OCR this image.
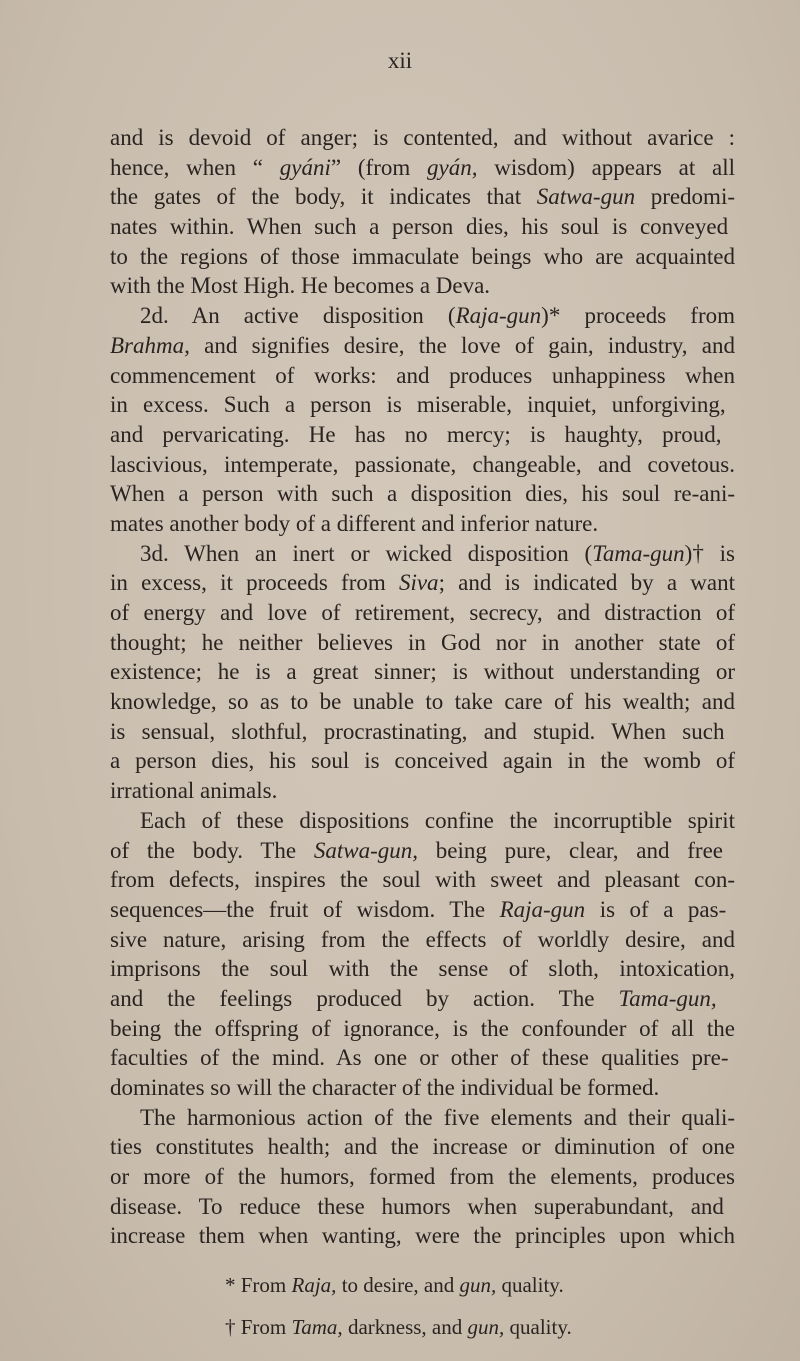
xii
and is devoid of anger; is contented, and without avarice :
hence, when “ gyáni” (from gyán, wisdom) appears at all
the gates of the body, it indicates that Satwa-gun predomi-
nates within. When such a person dies, his soul is conveyed
to the regions of those immaculate beings who are acquainted
with the Most High. He becomes a Deva.
2d. An active disposition (Raja-gun)* proceeds from
Brahma, and signifies desire, the love of gain, industry, and
commencement of works: and produces unhappiness when
in excess. Such a person is miserable, inquiet, unforgiving,
and pervaricating. He has no mercy; is haughty, proud,
lascivious, intemperate, passionate, changeable, and covetous.
When a person with such a disposition dies, his soul re-ani-
mates another body of a different and inferior nature.
3d. When an inert or wicked disposition (Tama-gun)† is
in excess, it proceeds from Siva; and is indicated by a want
of energy and love of retirement, secrecy, and distraction of
thought; he neither believes in God nor in another state of
existence; he is a great sinner; is without understanding or
knowledge, so as to be unable to take care of his wealth; and
is sensual, slothful, procrastinating, and stupid. When such
a person dies, his soul is conceived again in the womb of
irrational animals.
Each of these dispositions confine the incorruptible spirit
of the body. The Satwa-gun, being pure, clear, and free
from defects, inspires the soul with sweet and pleasant con-
sequences—the fruit of wisdom. The Raja-gun is of a pas-
sive nature, arising from the effects of worldly desire, and
imprisons the soul with the sense of sloth, intoxication,
and the feelings produced by action. The Tama-gun,
being the offspring of ignorance, is the confounder of all the
faculties of the mind. As one or other of these qualities pre-
dominates so will the character of the individual be formed.
The harmonious action of the five elements and their quali-
ties constitutes health; and the increase or diminution of one
or more of the humors, formed from the elements, produces
disease. To reduce these humors when superabundant, and
increase them when wanting, were the principles upon which
* From Raja, to desire, and gun, quality.
† From Tama, darkness, and gun, quality.
